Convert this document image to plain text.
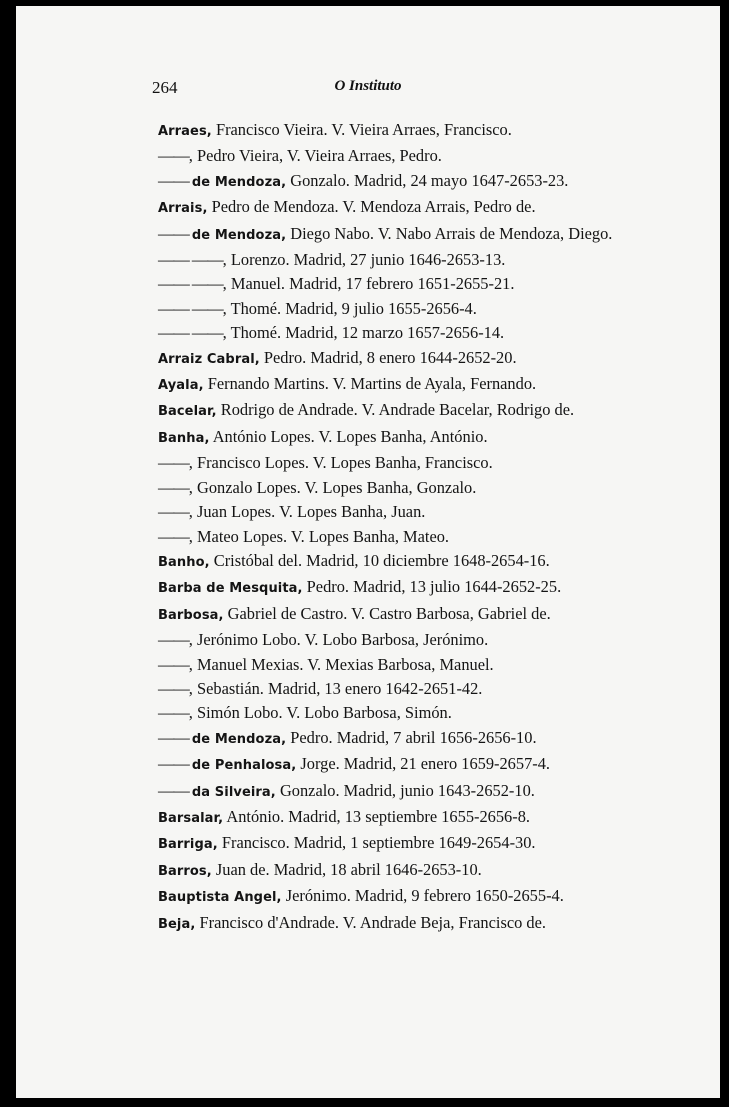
264	O Instituto
Arraes, Francisco Vieira. V. Vieira Arraes, Francisco.
——, Pedro Vieira, V. Vieira Arraes, Pedro.
—— de Mendoza, Gonzalo. Madrid, 24 mayo 1647-2653-23.
Arrais, Pedro de Mendoza. V. Mendoza Arrais, Pedro de.
—— de Mendoza, Diego Nabo. V. Nabo Arrais de Mendoza, Diego.
—— ——, Lorenzo. Madrid, 27 junio 1646-2653-13.
—— ——, Manuel. Madrid, 17 febrero 1651-2655-21.
—— ——, Thomé. Madrid, 9 julio 1655-2656-4.
—— ——, Thomé. Madrid, 12 marzo 1657-2656-14.
Arraiz Cabral, Pedro. Madrid, 8 enero 1644-2652-20.
Ayala, Fernando Martins. V. Martins de Ayala, Fernando.
Bacelar, Rodrigo de Andrade. V. Andrade Bacelar, Rodrigo de.
Banha, António Lopes. V. Lopes Banha, António.
——, Francisco Lopes. V. Lopes Banha, Francisco.
——, Gonzalo Lopes. V. Lopes Banha, Gonzalo.
——, Juan Lopes. V. Lopes Banha, Juan.
——, Mateo Lopes. V. Lopes Banha, Mateo.
Banho, Cristóbal del. Madrid, 10 diciembre 1648-2654-16.
Barba de Mesquita, Pedro. Madrid, 13 julio 1644-2652-25.
Barbosa, Gabriel de Castro. V. Castro Barbosa, Gabriel de.
——, Jerónimo Lobo. V. Lobo Barbosa, Jerónimo.
——, Manuel Mexias. V. Mexias Barbosa, Manuel.
——, Sebastián. Madrid, 13 enero 1642-2651-42.
——, Simón Lobo. V. Lobo Barbosa, Simón.
—— de Mendoza, Pedro. Madrid, 7 abril 1656-2656-10.
—— de Penhalosa, Jorge. Madrid, 21 enero 1659-2657-4.
—— da Silveira, Gonzalo. Madrid, junio 1643-2652-10.
Barsalar, António. Madrid, 13 septiembre 1655-2656-8.
Barriga, Francisco. Madrid, 1 septiembre 1649-2654-30.
Barros, Juan de. Madrid, 18 abril 1646-2653-10.
Bauptista Angel, Jerónimo. Madrid, 9 febrero 1650-2655-4.
Beja, Francisco d'Andrade. V. Andrade Beja, Francisco de.
